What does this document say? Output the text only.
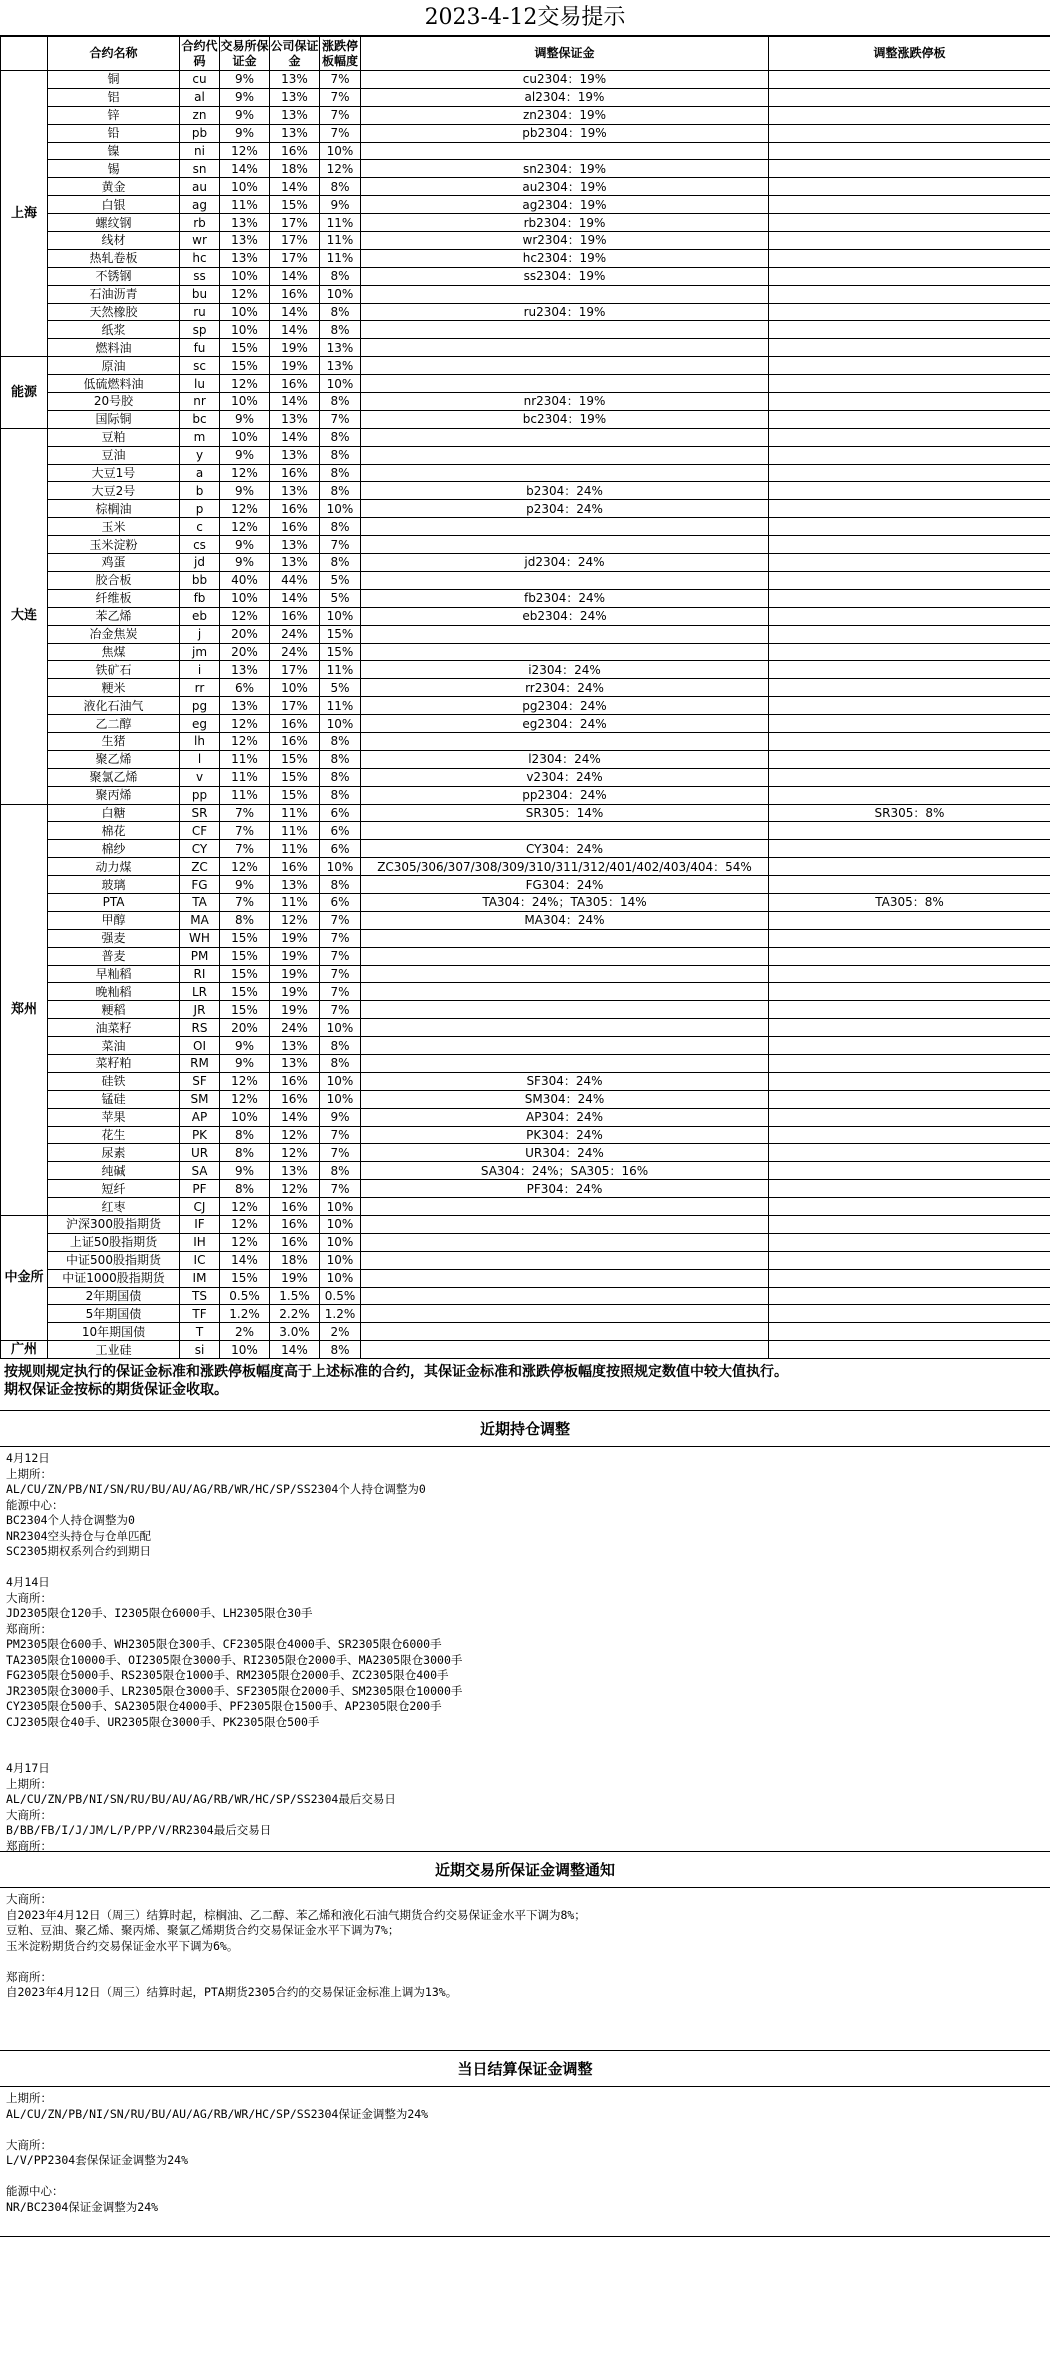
2023-4-12交易提示
	合约名称	合约代码	交易所保证金	公司保证金	涨跌停板幅度	调整保证金	调整涨跌停板
上海	铜	cu	9%	13%	7%	cu2304：19%	
	铝	al	9%	13%	7%	al2304：19%	
	锌	zn	9%	13%	7%	zn2304：19%	
	铅	pb	9%	13%	7%	pb2304：19%	
	镍	ni	12%	16%	10%		
	锡	sn	14%	18%	12%	sn2304：19%	
	黄金	au	10%	14%	8%	au2304：19%	
	白银	ag	11%	15%	9%	ag2304：19%	
	螺纹钢	rb	13%	17%	11%	rb2304：19%	
	线材	wr	13%	17%	11%	wr2304：19%	
	热轧卷板	hc	13%	17%	11%	hc2304：19%	
	不锈钢	ss	10%	14%	8%	ss2304：19%	
	石油沥青	bu	12%	16%	10%		
	天然橡胶	ru	10%	14%	8%	ru2304：19%	
	纸浆	sp	10%	14%	8%		
	燃料油	fu	15%	19%	13%		
能源	原油	sc	15%	19%	13%		
	低硫燃料油	lu	12%	16%	10%		
	20号胶	nr	10%	14%	8%	nr2304：19%	
	国际铜	bc	9%	13%	7%	bc2304：19%	
大连	豆粕	m	10%	14%	8%		
	豆油	y	9%	13%	8%		
	大豆1号	a	12%	16%	8%		
	大豆2号	b	9%	13%	8%	b2304：24%	
	棕榈油	p	12%	16%	10%	p2304：24%	
	玉米	c	12%	16%	8%		
	玉米淀粉	cs	9%	13%	7%		
	鸡蛋	jd	9%	13%	8%	jd2304：24%	
	胶合板	bb	40%	44%	5%		
	纤维板	fb	10%	14%	5%	fb2304：24%	
	苯乙烯	eb	12%	16%	10%	eb2304：24%	
	冶金焦炭	j	20%	24%	15%		
	焦煤	jm	20%	24%	15%		
	铁矿石	i	13%	17%	11%	i2304：24%	
	粳米	rr	6%	10%	5%	rr2304：24%	
	液化石油气	pg	13%	17%	11%	pg2304：24%	
	乙二醇	eg	12%	16%	10%	eg2304：24%	
	生猪	lh	12%	16%	8%		
	聚乙烯	l	11%	15%	8%	l2304：24%	
	聚氯乙烯	v	11%	15%	8%	v2304：24%	
	聚丙烯	pp	11%	15%	8%	pp2304：24%	
郑州	白糖	SR	7%	11%	6%	SR305：14%	SR305：8%
	棉花	CF	7%	11%	6%		
	棉纱	CY	7%	11%	6%	CY304：24%	
	动力煤	ZC	12%	16%	10%	ZC305/306/307/308/309/310/311/312/401/402/403/404：54%	
	玻璃	FG	9%	13%	8%	FG304：24%	
	PTA	TA	7%	11%	6%	TA304：24%；TA305：14%	TA305：8%
	甲醇	MA	8%	12%	7%	MA304：24%	
	强麦	WH	15%	19%	7%		
	普麦	PM	15%	19%	7%		
	早籼稻	RI	15%	19%	7%		
	晚籼稻	LR	15%	19%	7%		
	粳稻	JR	15%	19%	7%		
	油菜籽	RS	20%	24%	10%		
	菜油	OI	9%	13%	8%		
	菜籽粕	RM	9%	13%	8%		
	硅铁	SF	12%	16%	10%	SF304：24%	
	锰硅	SM	12%	16%	10%	SM304：24%	
	苹果	AP	10%	14%	9%	AP304：24%	
	花生	PK	8%	12%	7%	PK304：24%	
	尿素	UR	8%	12%	7%	UR304：24%	
	纯碱	SA	9%	13%	8%	SA304：24%；SA305：16%	
	短纤	PF	8%	12%	7%	PF304：24%	
	红枣	CJ	12%	16%	10%		
中金所	沪深300股指期货	IF	12%	16%	10%		
	上证50股指期货	IH	12%	16%	10%		
	中证500股指期货	IC	14%	18%	10%		
	中证1000股指期货	IM	15%	19%	10%		
	2年期国债	TS	0.5%	1.5%	0.5%		
	5年期国债	TF	1.2%	2.2%	1.2%		
	10年期国债	T	2%	3.0%	2%		
广州	工业硅	si	10%	14%	8%		
按规则规定执行的保证金标准和涨跌停板幅度高于上述标准的合约，其保证金标准和涨跌停板幅度按照规定数值中较大值执行。
期权保证金按标的期货保证金收取。
近期持仓调整
4月12日
上期所：
AL/CU/ZN/PB/NI/SN/RU/BU/AU/AG/RB/WR/HC/SP/SS2304个人持仓调整为0
能源中心：
BC2304个人持仓调整为0
NR2304空头持仓与仓单匹配
SC2305期权系列合约到期日

4月14日
大商所：
JD2305限仓120手、I2305限仓6000手、LH2305限仓30手
郑商所：
PM2305限仓600手、WH2305限仓300手、CF2305限仓4000手、SR2305限仓6000手
TA2305限仓10000手、OI2305限仓3000手、RI2305限仓2000手、MA2305限仓3000手
FG2305限仓5000手、RS2305限仓1000手、RM2305限仓2000手、ZC2305限仓400手
JR2305限仓3000手、LR2305限仓3000手、SF2305限仓2000手、SM2305限仓10000手
CY2305限仓500手、SA2305限仓4000手、PF2305限仓1500手、AP2305限仓200手
CJ2305限仓40手、UR2305限仓3000手、PK2305限仓500手

4月17日
上期所：
AL/CU/ZN/PB/NI/SN/RU/BU/AU/AG/RB/WR/HC/SP/SS2304最后交易日
大商所：
B/BB/FB/I/J/JM/L/P/PP/V/RR2304最后交易日
郑商所：

近期交易所保证金调整通知
大商所：
自2023年4月12日（周三）结算时起，棕榈油、乙二醇、苯乙烯和液化石油气期货合约交易保证金水平下调为8%；
豆粕、豆油、聚乙烯、聚丙烯、聚氯乙烯期货合约交易保证金水平下调为7%；
玉米淀粉期货合约交易保证金水平下调为6%。

郑商所：
自2023年4月12日（周三）结算时起，PTA期货2305合约的交易保证金标准上调为13%。

当日结算保证金调整
上期所：
AL/CU/ZN/PB/NI/SN/RU/BU/AU/AG/RB/WR/HC/SP/SS2304保证金调整为24%

大商所：
L/V/PP2304套保保证金调整为24%

能源中心：
NR/BC2304保证金调整为24%
